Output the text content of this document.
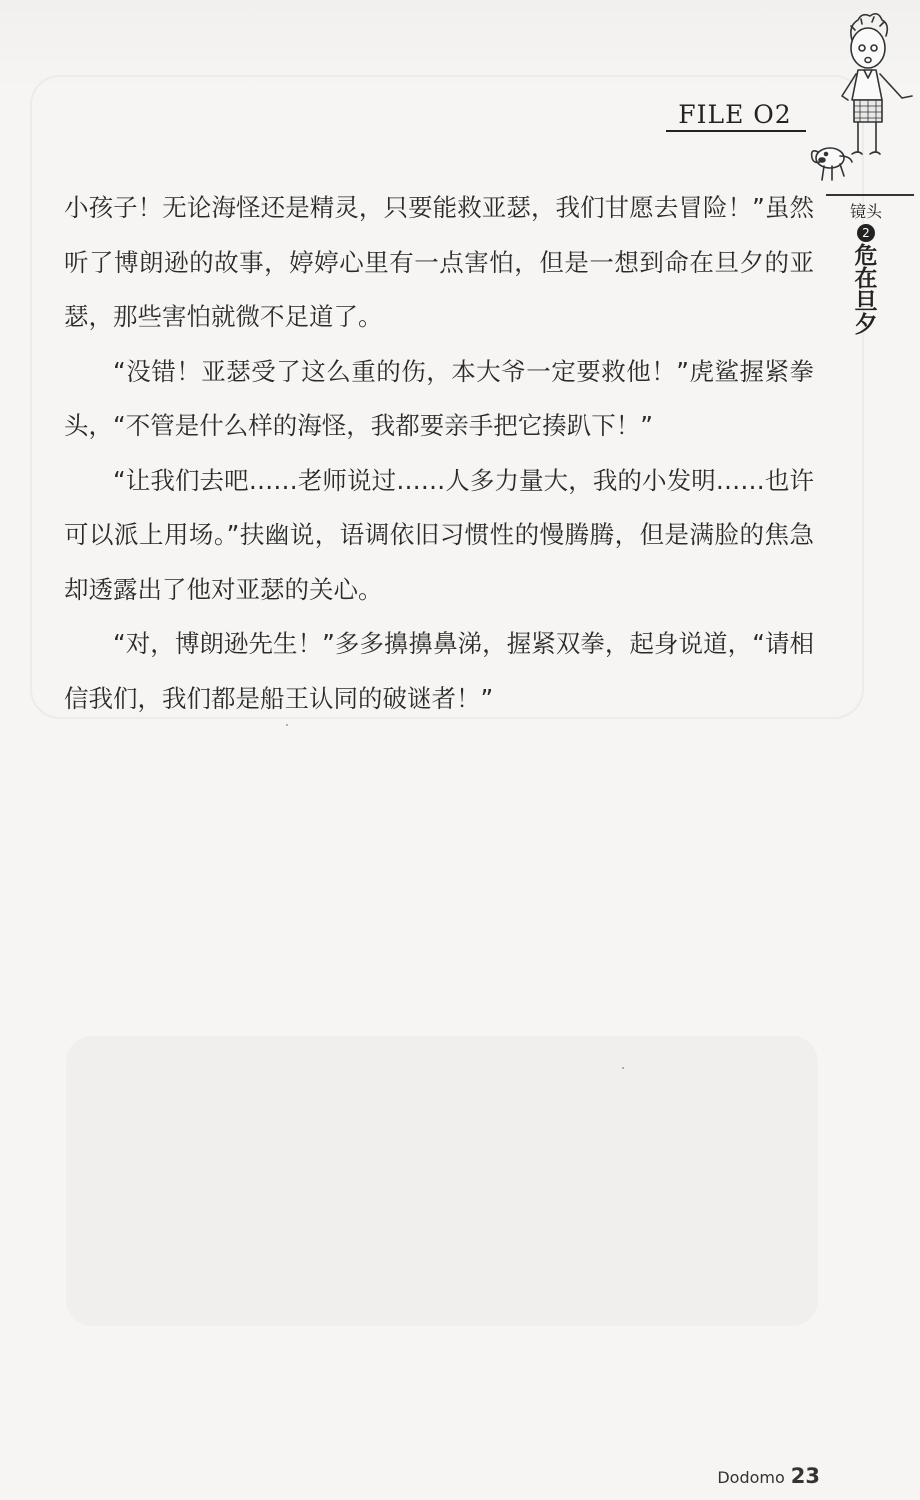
FILE O2
镜头
2
危在旦夕

小孩子！无论海怪还是精灵，只要能救亚瑟，我们甘愿去冒险！”虽然听了博朗逊的故事，婷婷心里有一点害怕，但是一想到命在旦夕的亚瑟，那些害怕就微不足道了。

“没错！亚瑟受了这么重的伤，本大爷一定要救他！”虎鲨握紧拳头，“不管是什么样的海怪，我都要亲手把它揍趴下！”

“让我们去吧……老师说过……人多力量大，我的小发明……也许可以派上用场。”扶幽说，语调依旧习惯性的慢腾腾，但是满脸的焦急却透露出了他对亚瑟的关心。

“对，博朗逊先生！”多多擤擤鼻涕，握紧双拳，起身说道，“请相信我们，我们都是船王认同的破谜者！”

Dodomo 23
